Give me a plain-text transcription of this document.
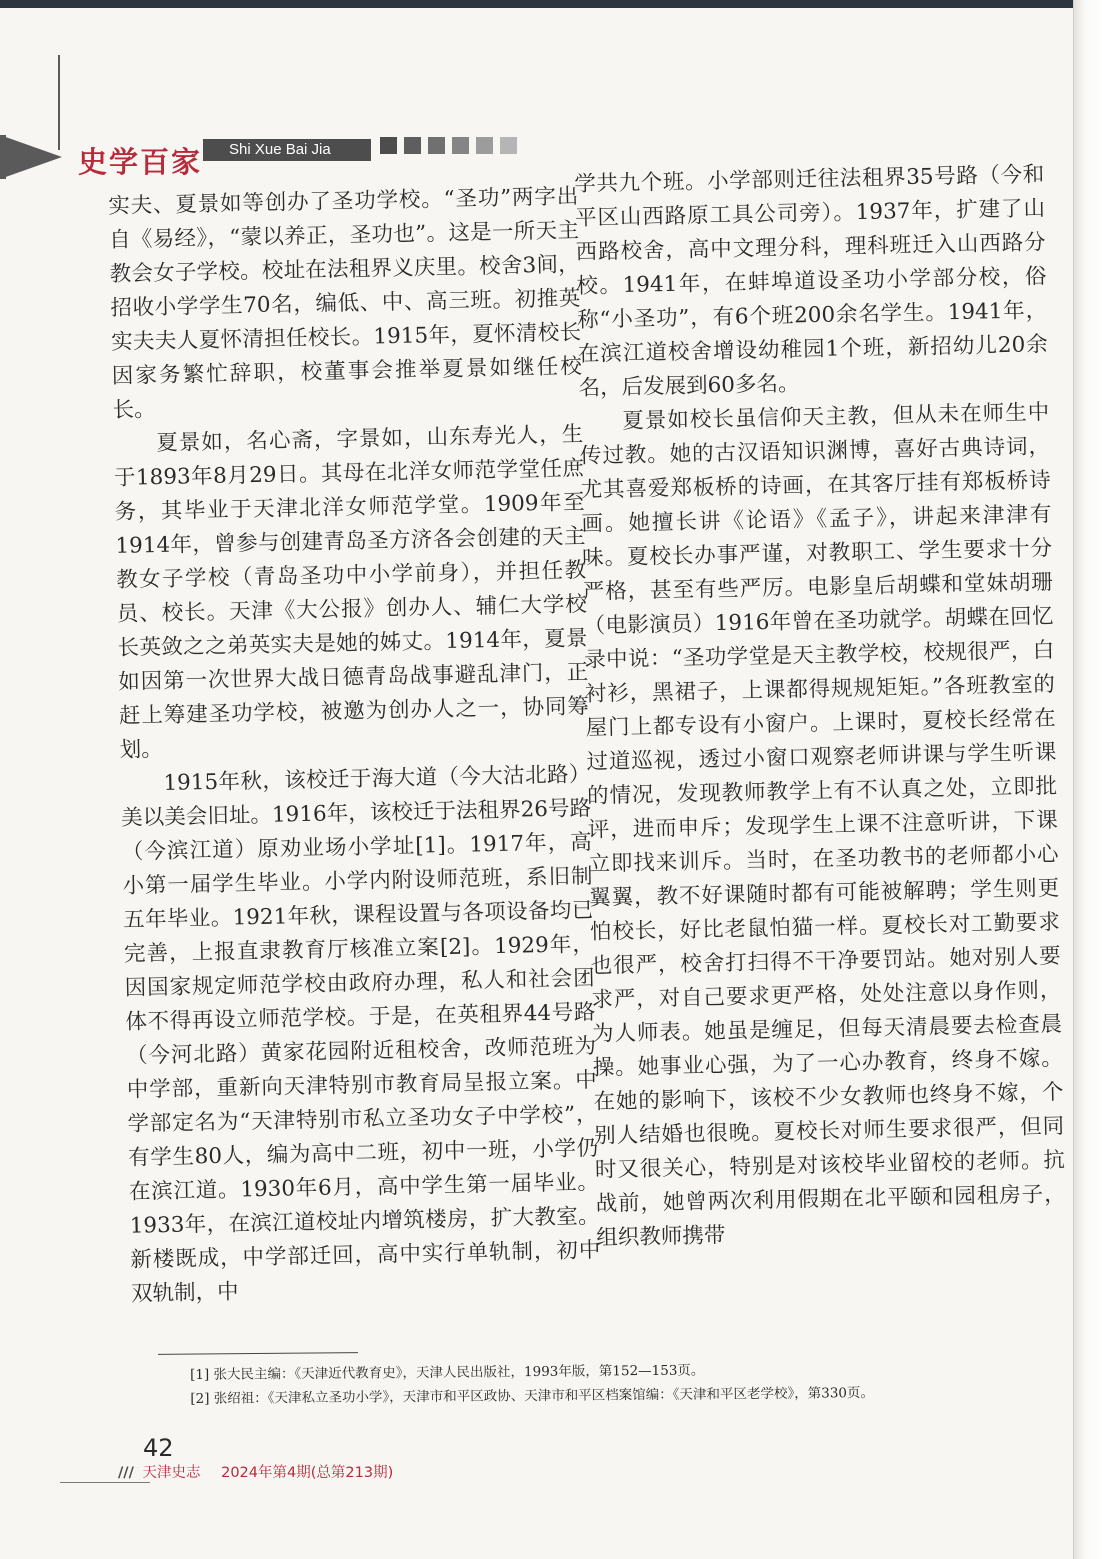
史学百家	Shi Xue Bai Jia

实夫、夏景如等创办了圣功学校。“圣功”两字出自《易经》，“蒙以养正，圣功也”。这是一所天主教会女子学校。校址在法租界义庆里。校舍3间，招收小学学生70名，编低、中、高三班。初推英实夫夫人夏怀清担任校长。1915年，夏怀清校长因家务繁忙辞职，校董事会推举夏景如继任校长。

夏景如，名心斋，字景如，山东寿光人，生于1893年8月29日。其母在北洋女师范学堂任庶务，其毕业于天津北洋女师范学堂。1909年至1914年，曾参与创建青岛圣方济各会创建的天主教女子学校（青岛圣功中小学前身），并担任教员、校长。天津《大公报》创办人、辅仁大学校长英敛之之弟英实夫是她的姊丈。1914年，夏景如因第一次世界大战日德青岛战事避乱津门，正赶上筹建圣功学校，被邀为创办人之一，协同筹划。

1915年秋，该校迁于海大道（今大沽北路）美以美会旧址。1916年，该校迁于法租界26号路（今滨江道）原劝业场小学址[1]。1917年，高小第一届学生毕业。小学内附设师范班，系旧制五年毕业。1921年秋，课程设置与各项设备均已完善，上报直隶教育厅核准立案[2]。1929年，因国家规定师范学校由政府办理，私人和社会团体不得再设立师范学校。于是，在英租界44号路（今河北路）黄家花园附近租校舍，改师范班为中学部，重新向天津特别市教育局呈报立案。中学部定名为“天津特别市私立圣功女子中学校”，有学生80人，编为高中二班，初中一班，小学仍在滨江道。1930年6月，高中学生第一届毕业。1933年，在滨江道校址内增筑楼房，扩大教室。新楼既成，中学部迁回，高中实行单轨制，初中双轨制，中

学共九个班。小学部则迁往法租界35号路（今和平区山西路原工具公司旁）。1937年，扩建了山西路校舍，高中文理分科，理科班迁入山西路分校。1941年，在蚌埠道设圣功小学部分校，俗称“小圣功”，有6个班200余名学生。1941年，在滨江道校舍增设幼稚园1个班，新招幼儿20余名，后发展到60多名。

夏景如校长虽信仰天主教，但从未在师生中传过教。她的古汉语知识渊博，喜好古典诗词，尤其喜爱郑板桥的诗画，在其客厅挂有郑板桥诗画。她擅长讲《论语》《孟子》，讲起来津津有味。夏校长办事严谨，对教职工、学生要求十分严格，甚至有些严厉。电影皇后胡蝶和堂妹胡珊（电影演员）1916年曾在圣功就学。胡蝶在回忆录中说：“圣功学堂是天主教学校，校规很严，白衬衫，黑裙子，上课都得规规矩矩。”各班教室的屋门上都专设有小窗户。上课时，夏校长经常在过道巡视，透过小窗口观察老师讲课与学生听课的情况，发现教师教学上有不认真之处，立即批评，进而申斥；发现学生上课不注意听讲，下课立即找来训斥。当时，在圣功教书的老师都小心翼翼，教不好课随时都有可能被解聘；学生则更怕校长，好比老鼠怕猫一样。夏校长对工勤要求也很严，校舍打扫得不干净要罚站。她对别人要求严，对自己要求更严格，处处注意以身作则，为人师表。她虽是缠足，但每天清晨要去检查晨操。她事业心强，为了一心办教育，终身不嫁。在她的影响下，该校不少女教师也终身不嫁，个别人结婚也很晚。夏校长对师生要求很严，但同时又很关心，特别是对该校毕业留校的老师。抗战前，她曾两次利用假期在北平颐和园租房子，组织教师携带

[1] 张大民主编：《天津近代教育史》，天津人民出版社，1993年版，第152—153页。
[2] 张绍祖：《天津私立圣功小学》，天津市和平区政协、天津市和平区档案馆编：《天津和平区老学校》，第330页。
42
/// 天津史志 2024年第4期(总第213期)
